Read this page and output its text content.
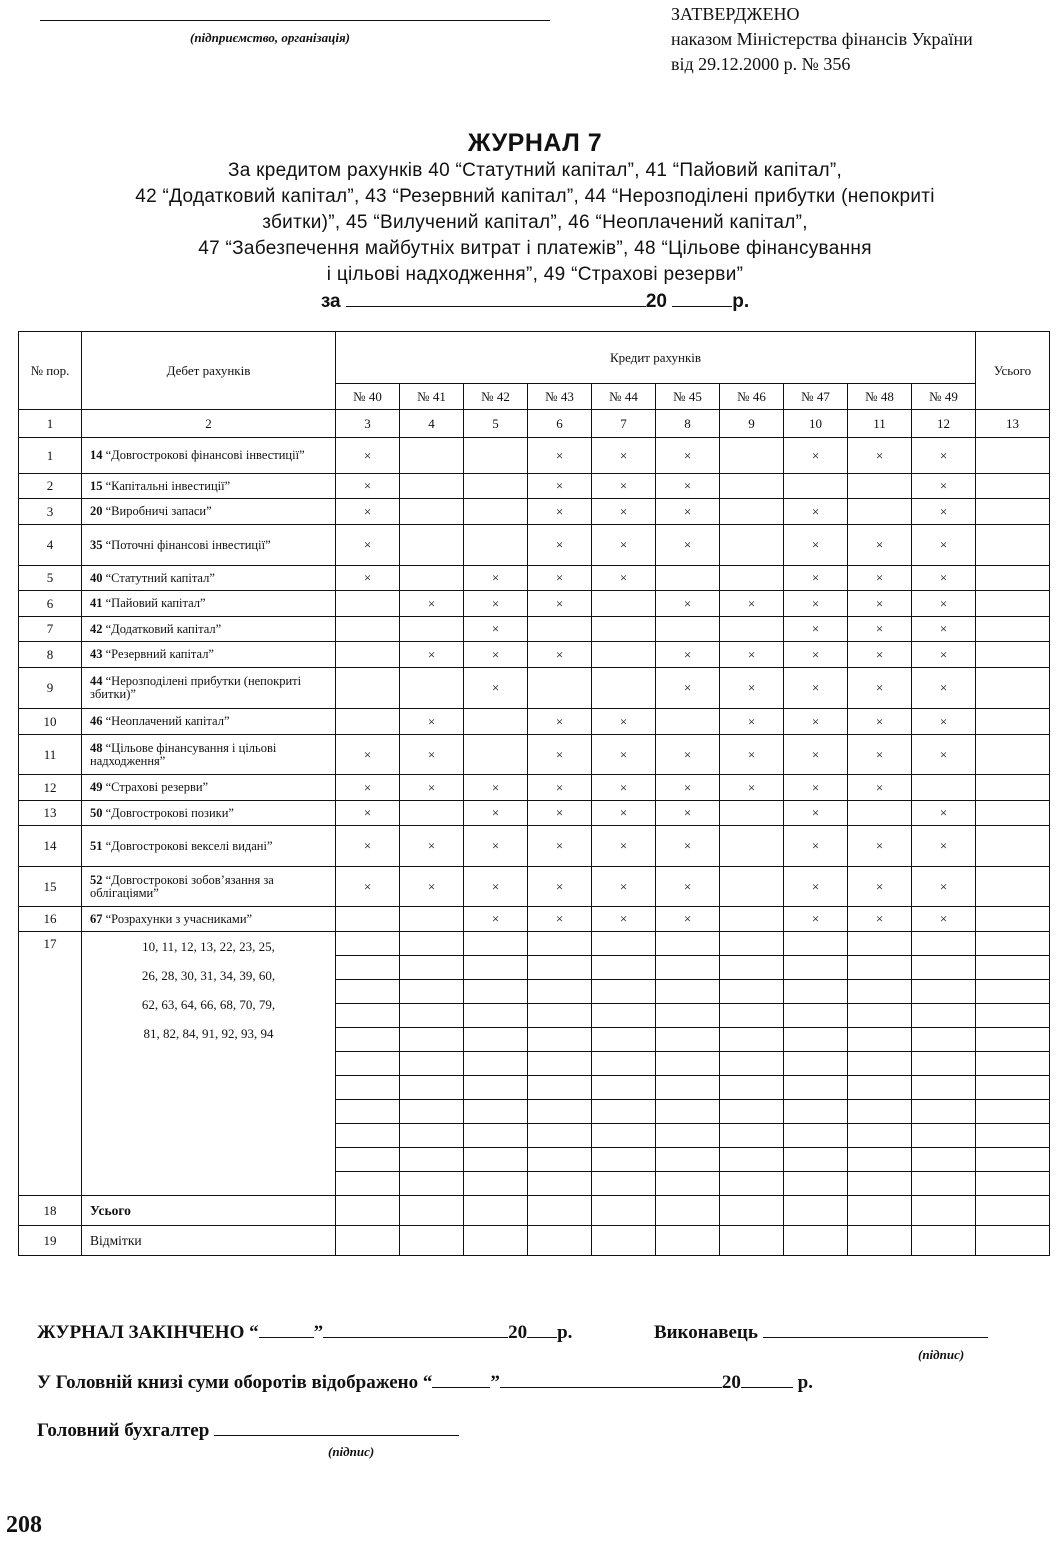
(підприємство, організація)
ЗАТВЕРДЖЕНО
наказом Міністерства фінансів України
від 29.12.2000 р. № 356
ЖУРНАЛ 7
За кредитом рахунків 40 “Статутний капітал”, 41 “Пайовий капітал”,
42 “Додатковий капітал”, 43 “Резервний капітал”, 44 “Нерозподілені прибутки (непокриті
збитки)”, 45 “Вилучений капітал”, 46 “Неоплачений капітал”,
47 “Забезпечення майбутніх витрат і платежів”, 48 “Цільове фінансування
і цільові надходження”, 49 “Страхові резерви”
за	20	р.
№ пор.	Дебет рахунків	Кредит рахунків										Усього
		№ 40	№ 41	№ 42	№ 43	№ 44	№ 45	№ 46	№ 47	№ 48	№ 49	
1	2	3	4	5	6	7	8	9	10	11	12	13
1	14 “Довгострокові фінансові інвестиції”	×			×	×	×		×	×	×	
2	15 “Капітальні інвестиції”	×			×	×	×				×	
3	20 “Виробничі запаси”	×			×	×	×		×		×	
4	35 “Поточні фінансові інвестиції”	×			×	×	×		×	×	×	
5	40 “Статутний капітал”	×		×	×	×			×	×	×	
6	41 “Пайовий капітал”		×	×	×		×	×	×	×	×	
7	42 “Додатковий капітал”			×					×	×	×	
8	43 “Резервний капітал”		×	×	×		×	×	×	×	×	
9	44 “Нерозподілені прибутки (непокриті збитки)”			×			×	×	×	×	×	
10	46 “Неоплачений капітал”		×		×	×		×	×	×	×	
11	48 “Цільове фінансування і цільові надходження”	×	×		×	×	×	×	×	×	×	
12	49 “Страхові резерви”	×	×	×	×	×	×	×	×	×		
13	50 “Довгострокові позики”	×		×	×	×	×		×		×	
14	51 “Довгострокові векселі видані”	×	×	×	×	×	×		×	×	×	
15	52 “Довгострокові зобов’язання за облігаціями”	×	×	×	×	×	×		×	×	×	
16	67 “Розрахунки з учасниками”			×	×	×	×		×	×	×	
17	10, 11, 12, 13, 22, 23, 25,
26, 28, 30, 31, 34, 39, 60,
62, 63, 64, 66, 68, 70, 79,
81, 82, 84, 91, 92, 93, 94											

18	Усього											
19	Відмітки											
ЖУРНАЛ ЗАКІНЧЕНО “	”	20 р.	Виконавець
(підпис)
У Головній книзі суми оборотів відображено “	”	20	р.
Головний бухгалтер
(підпис)
208
